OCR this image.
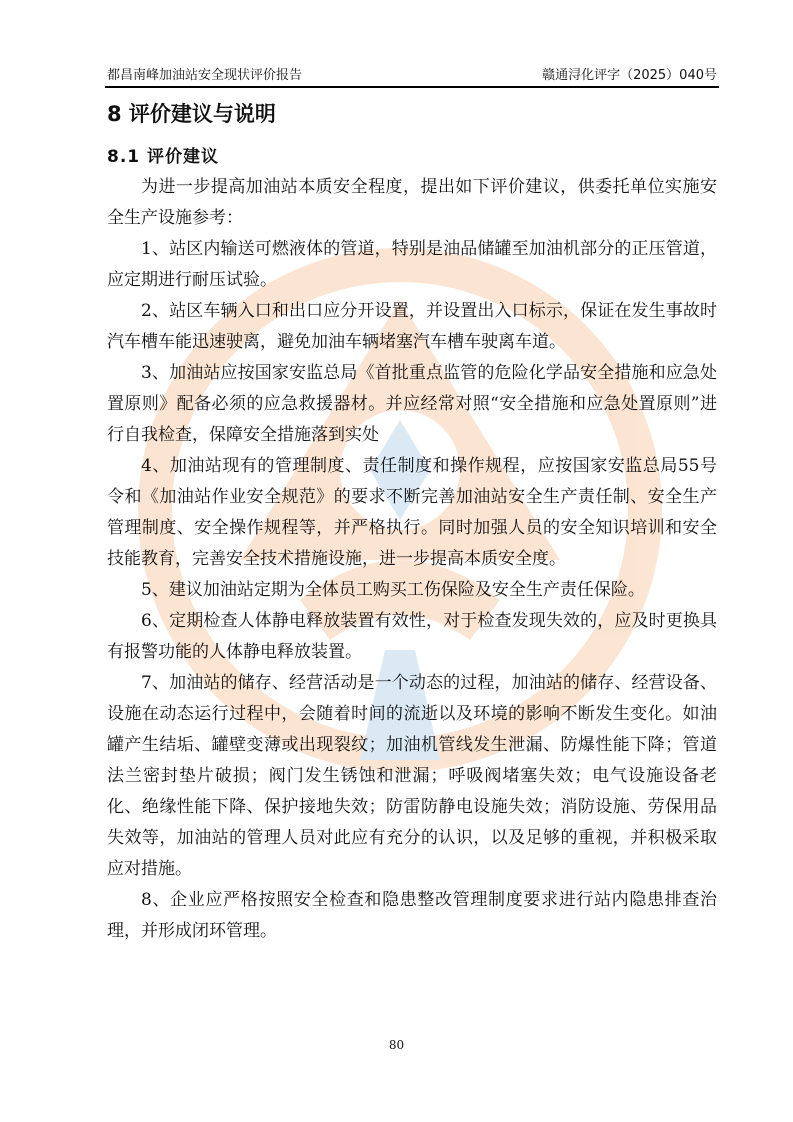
都昌南峰加油站安全现状评价报告	赣通浔化评字（2025）040号
8 评价建议与说明
8.1 评价建议

为进一步提高加油站本质安全程度，提出如下评价建议，供委托单位实施安全生产设施参考：

1、站区内输送可燃液体的管道，特别是油品储罐至加油机部分的正压管道，应定期进行耐压试验。

2、站区车辆入口和出口应分开设置，并设置出入口标示，保证在发生事故时汽车槽车能迅速驶离，避免加油车辆堵塞汽车槽车驶离车道。

3、加油站应按国家安监总局《首批重点监管的危险化学品安全措施和应急处置原则》配备必须的应急救援器材。并应经常对照“安全措施和应急处置原则”进行自我检查，保障安全措施落到实处

4、加油站现有的管理制度、责任制度和操作规程，应按国家安监总局55号令和《加油站作业安全规范》的要求不断完善加油站安全生产责任制、安全生产管理制度、安全操作规程等，并严格执行。同时加强人员的安全知识培训和安全技能教育，完善安全技术措施设施，进一步提高本质安全度。

5、建议加油站定期为全体员工购买工伤保险及安全生产责任保险。

6、定期检查人体静电释放装置有效性，对于检查发现失效的，应及时更换具有报警功能的人体静电释放装置。

7、加油站的储存、经营活动是一个动态的过程，加油站的储存、经营设备、设施在动态运行过程中，会随着时间的流逝以及环境的影响不断发生变化。如油罐产生结垢、罐壁变薄或出现裂纹；加油机管线发生泄漏、防爆性能下降；管道法兰密封垫片破损；阀门发生锈蚀和泄漏；呼吸阀堵塞失效；电气设施设备老化、绝缘性能下降、保护接地失效；防雷防静电设施失效；消防设施、劳保用品失效等，加油站的管理人员对此应有充分的认识，以及足够的重视，并积极采取应对措施。

8、企业应严格按照安全检查和隐患整改管理制度要求进行站内隐患排查治理，并形成闭环管理。

80
